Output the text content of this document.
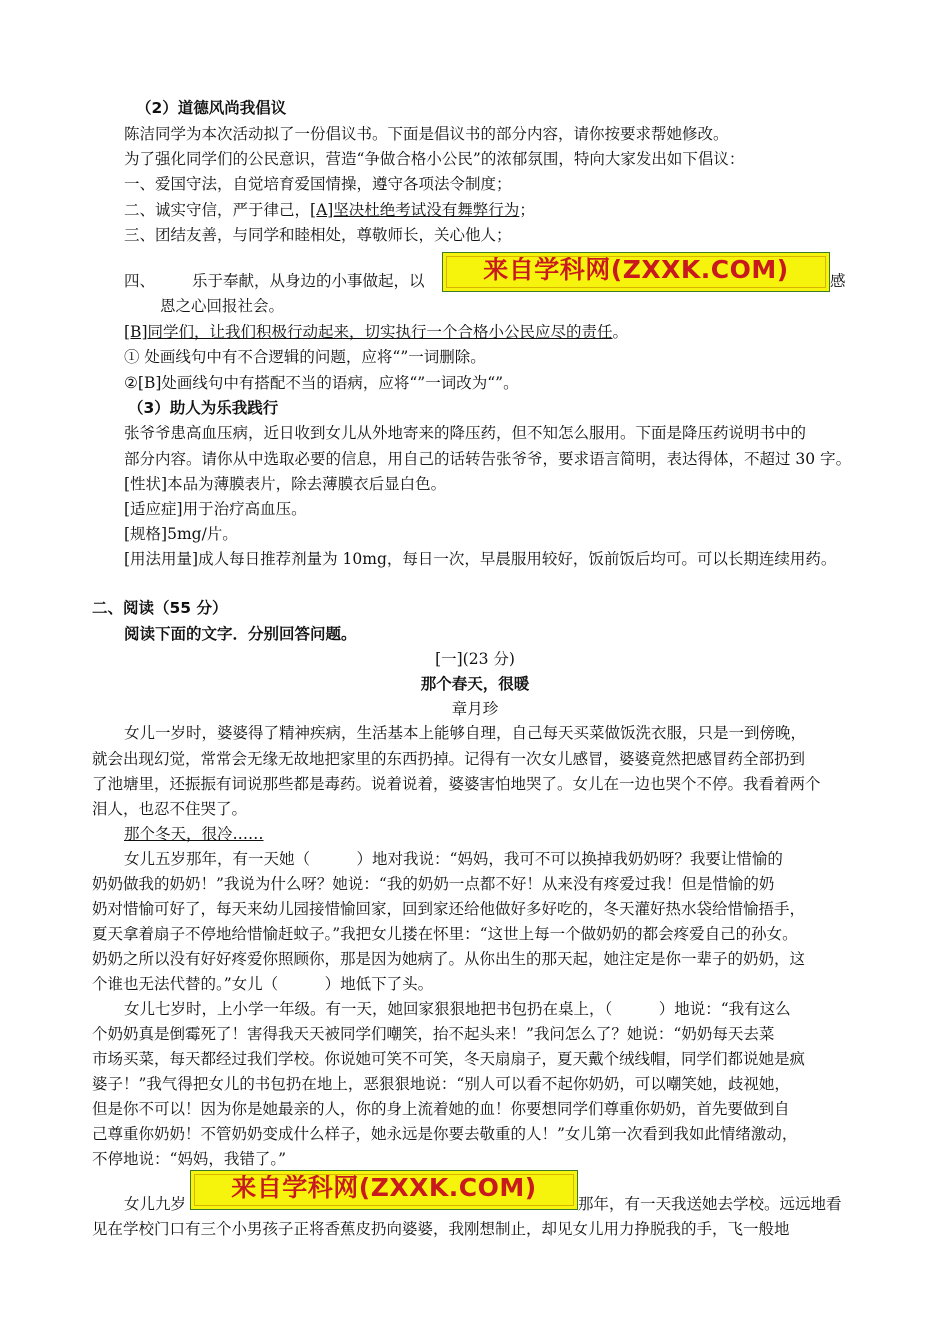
（2）道德风尚我倡议
陈洁同学为本次活动拟了一份倡议书。下面是倡议书的部分内容，请你按要求帮她修改。
为了强化同学们的公民意识，营造“争做合格小公民”的浓郁氛围，特向大家发出如下倡议：
一、爱国守法，自觉培育爱国情操，遵守各项法令制度；
二、诚实守信，严于律己，[A]坚决杜绝考试没有舞弊行为；
三、团结友善，与同学和睦相处，尊敬师长，关心他人；
四、 乐于奉献，从身边的小事做起，以	来自学科网(ZXXK.COM)	感
恩之心回报社会。
[B]同学们，让我们积极行动起来，切实执行一个合格小公民应尽的责任。
① 处画线句中有不合逻辑的问题，应将“”一词删除。
②[B]处画线句中有搭配不当的语病，应将“”一词改为“”。
（3）助人为乐我践行
张爷爷患高血压病，近日收到女儿从外地寄来的降压药，但不知怎么服用。下面是降压药说明书中的
部分内容。请你从中选取必要的信息，用自己的话转告张爷爷，要求语言简明，表达得体，不超过 30 字。
[性状]本品为薄膜表片，除去薄膜衣后显白色。
[适应症]用于治疗高血压。
[规格]5mg/片。
[用法用量]成人每日推荐剂量为 10mg，每日一次，早晨服用较好，饭前饭后均可。可以长期连续用药。
二、阅读（55 分）
阅读下面的文字．分别回答问题。
[一](23 分)
那个春天，很暖
章月珍
女儿一岁时，婆婆得了精神疾病，生活基本上能够自理，自己每天买菜做饭洗衣服，只是一到傍晚，
就会出现幻觉，常常会无缘无故地把家里的东西扔掉。记得有一次女儿感冒，婆婆竟然把感冒药全部扔到
了池塘里，还振振有词说那些都是毒药。说着说着，婆婆害怕地哭了。女儿在一边也哭个不停。我看着两个
泪人，也忍不住哭了。
那个冬天，很冷……
女儿五岁那年，有一天她（　　　）地对我说：“妈妈，我可不可以换掉我奶奶呀？我要让惜愉的
奶奶做我的奶奶！”我说为什么呀？她说：“我的奶奶一点都不好！从来没有疼爱过我！但是惜愉的奶
奶对惜愉可好了，每天来幼儿园接惜愉回家，回到家还给他做好多好吃的，冬天灌好热水袋给惜愉捂手，
夏天拿着扇子不停地给惜愉赶蚊子。”我把女儿搂在怀里：“这世上每一个做奶奶的都会疼爱自己的孙女。
奶奶之所以没有好好疼爱你照顾你，那是因为她病了。从你出生的那天起，她注定是你一辈子的奶奶，这
个谁也无法代替的。”女儿（　　　）地低下了头。
女儿七岁时，上小学一年级。有一天，她回家狠狠地把书包扔在桌上，（　　　）地说：“我有这么
个奶奶真是倒霉死了！害得我天天被同学们嘲笑，抬不起头来！”我问怎么了？她说：“奶奶每天去菜
市场买菜，每天都经过我们学校。你说她可笑不可笑，冬天扇扇子，夏天戴个绒线帽，同学们都说她是疯
婆子！”我气得把女儿的书包扔在地上，恶狠狠地说：“别人可以看不起你奶奶，可以嘲笑她，歧视她，
但是你不可以！因为你是她最亲的人，你的身上流着她的血！你要想同学们尊重你奶奶，首先要做到自
己尊重你奶奶！不管奶奶变成什么样子，她永远是你要去敬重的人！”女儿第一次看到我如此情绪激动，
不停地说：“妈妈，我错了。”
女儿九岁
来自学科网(ZXXK.COM)
那年，有一天我送她去学校。远远地看
见在学校门口有三个小男孩子正将香蕉皮扔向婆婆，我刚想制止，却见女儿用力挣脱我的手，飞一般地
